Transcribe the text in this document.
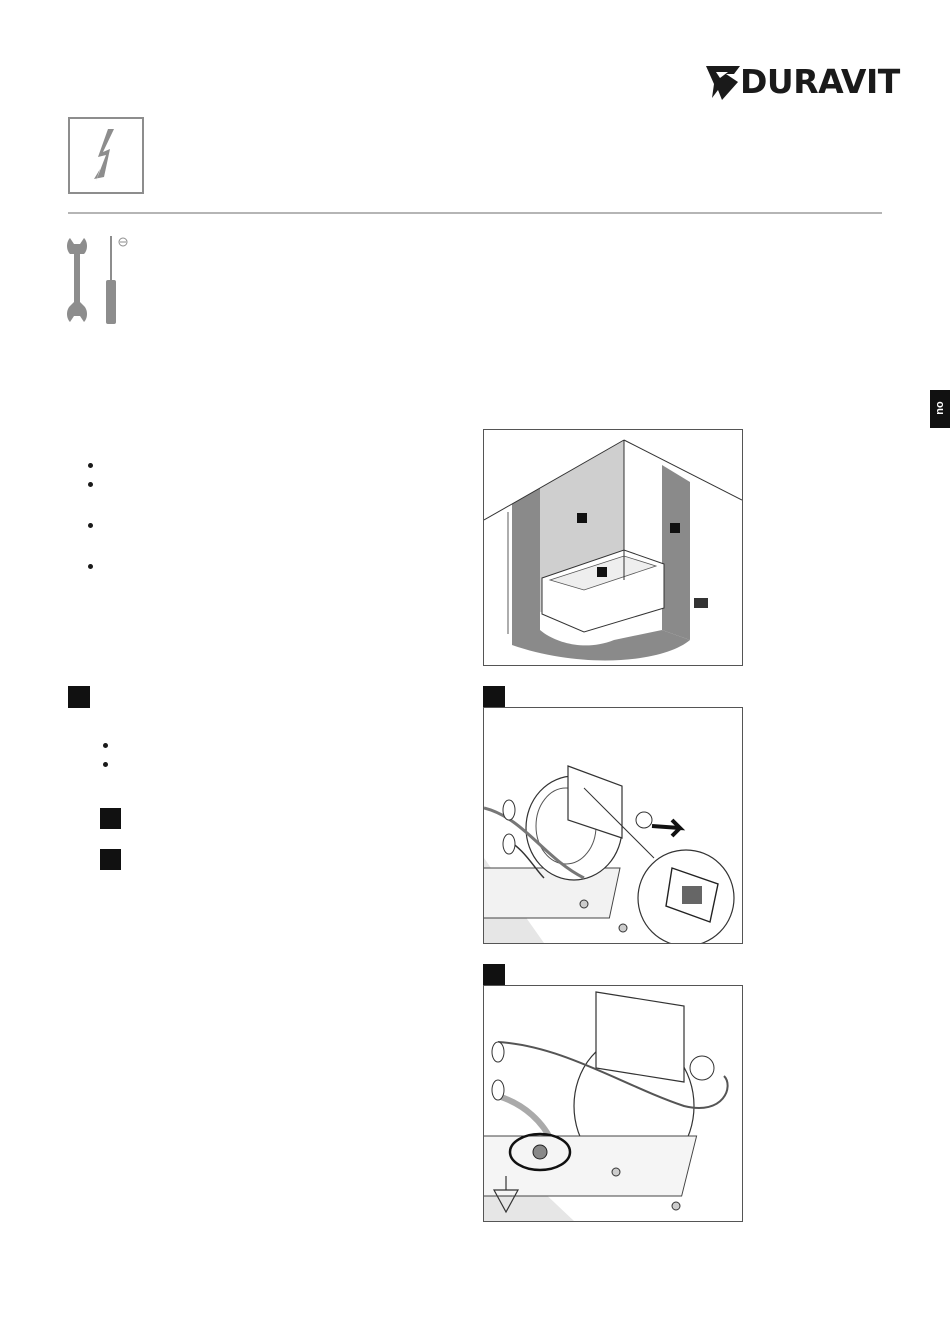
DURAVIT
no
